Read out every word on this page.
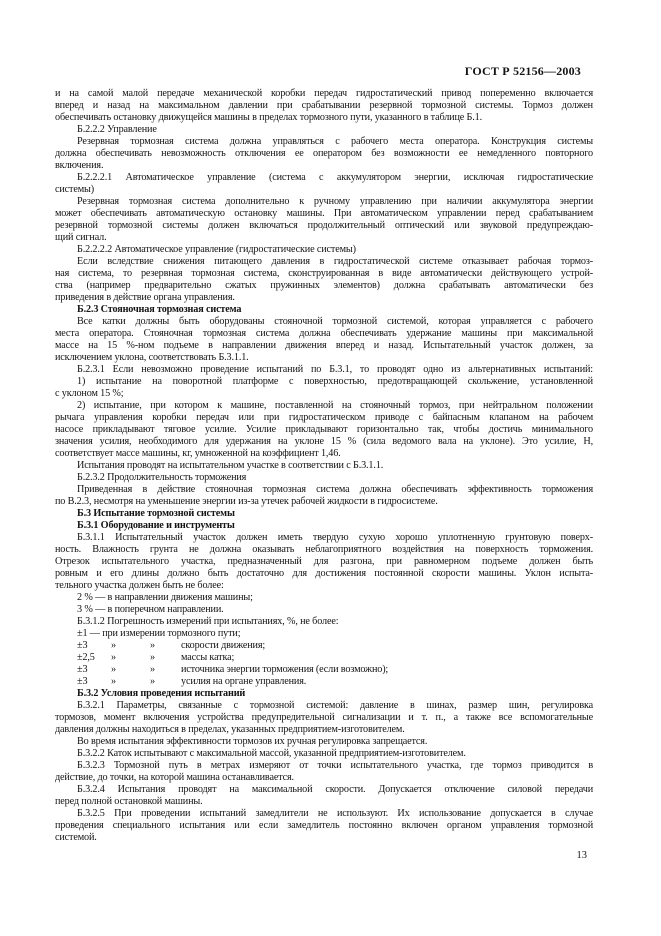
ГОСТ Р 52156—2003
и на самой малой передаче механической коробки передач гидростатический привод попеременно включается
вперед и назад на максимальном давлении при срабатывании резервной тормозной системы. Тормоз должен
обеспечивать остановку движущейся машины в пределах тормозного пути, указанного в таблице Б.1.
Б.2.2.2 Управление
Резервная тормозная система должна управляться с рабочего места оператора. Конструкция системы
должна обеспечивать невозможность отключения ее оператором без возможности ее немедленного повторного
включения.
Б.2.2.2.1 Автоматическое управление (система с аккумулятором энергии, исключая гидростатические
системы)
Резервная тормозная система дополнительно к ручному управлению при наличии аккумулятора энергии
может обеспечивать автоматическую остановку машины. При автоматическом управлении перед срабатыванием
резервной тормозной системы должен включаться продолжительный оптический или звуковой предупреждаю-
щий сигнал.
Б.2.2.2.2 Автоматическое управление (гидростатические системы)
Если вследствие снижения питающего давления в гидростатической системе отказывает рабочая тормоз-
ная система, то резервная тормозная система, сконструированная в виде автоматически действующего устрой-
ства (например предварительно сжатых пружинных элементов) должна срабатывать автоматически без
приведения в действие органа управления.
Б.2.3 Стояночная тормозная система
Все катки должны быть оборудованы стояночной тормозной системой, которая управляется с рабочего
места оператора. Стояночная тормозная система должна обеспечивать удержание машины при максимальной
массе на 15 %-ном подъеме в направлении движения вперед и назад. Испытательный участок должен, за
исключением уклона, соответствовать Б.3.1.1.
Б.2.3.1 Если невозможно проведение испытаний по Б.3.1, то проводят одно из альтернативных испытаний:
1) испытание на поворотной платформе с поверхностью, предотвращающей скольжение, установленной
с уклоном 15 %;
2) испытание, при котором к машине, поставленной на стояночный тормоз, при нейтральном положении
рычага управления коробки передач или при гидростатическом приводе с байпасным клапаном на рабочем
насосе прикладывают тяговое усилие. Усилие прикладывают горизонтально так, чтобы достичь минимального
значения усилия, необходимого для удержания на уклоне 15 % (сила ведомого вала на уклоне). Это усилие, Н,
соответствует массе машины, кг, умноженной на коэффициент 1,46.
Испытания проводят на испытательном участке в соответствии с Б.3.1.1.
Б.2.3.2 Продолжительность торможения
Приведенная в действие стояночная тормозная система должна обеспечивать эффективность торможения
по В.2.3, несмотря на уменьшение энергии из-за утечек рабочей жидкости в гидросистеме.
Б.3 Испытание тормозной системы
Б.3.1 Оборудование и инструменты
Б.3.1.1 Испытательный участок должен иметь твердую сухую хорошо уплотненную грунтовую поверх-
ность. Влажность грунта не должна оказывать неблагоприятного воздействия на поверхность торможения.
Отрезок испытательного участка, предназначенный для разгона, при равномерном подъеме должен быть
ровным и его длины должно быть достаточно для достижения постоянной скорости машины. Уклон испыта-
тельного участка должен быть не более:
2 % — в направлении движения машины;
3 % — в поперечном направлении.
Б.3.1.2 Погрешность измерений при испытаниях, %, не более:
±1 — при измерении тормозного пути;
±3 »	»	скорости движения;
±2,5 »	»	массы катка;
±3 »	»	источника энергии торможения (если возможно);
±3 »	»	усилия на органе управления.
Б.3.2 Условия проведения испытаний
Б.3.2.1 Параметры, связанные с тормозной системой: давление в шинах, размер шин, регулировка
тормозов, момент включения устройства предупредительной сигнализации и т. п., а также все вспомогательные
давления должны находиться в пределах, указанных предприятием-изготовителем.
Во время испытания эффективности тормозов их ручная регулировка запрещается.
Б.3.2.2 Каток испытывают с максимальной массой, указанной предприятием-изготовителем.
Б.3.2.3 Тормозной путь в метрах измеряют от точки испытательного участка, где тормоз приводится в
действие, до точки, на которой машина останавливается.
Б.3.2.4 Испытания проводят на максимальной скорости. Допускается отключение силовой передачи
перед полной остановкой машины.
Б.3.2.5 При проведении испытаний замедлители не используют. Их использование допускается в случае
проведения специального испытания или если замедлитель постоянно включен органом управления тормозной
системой.
13
